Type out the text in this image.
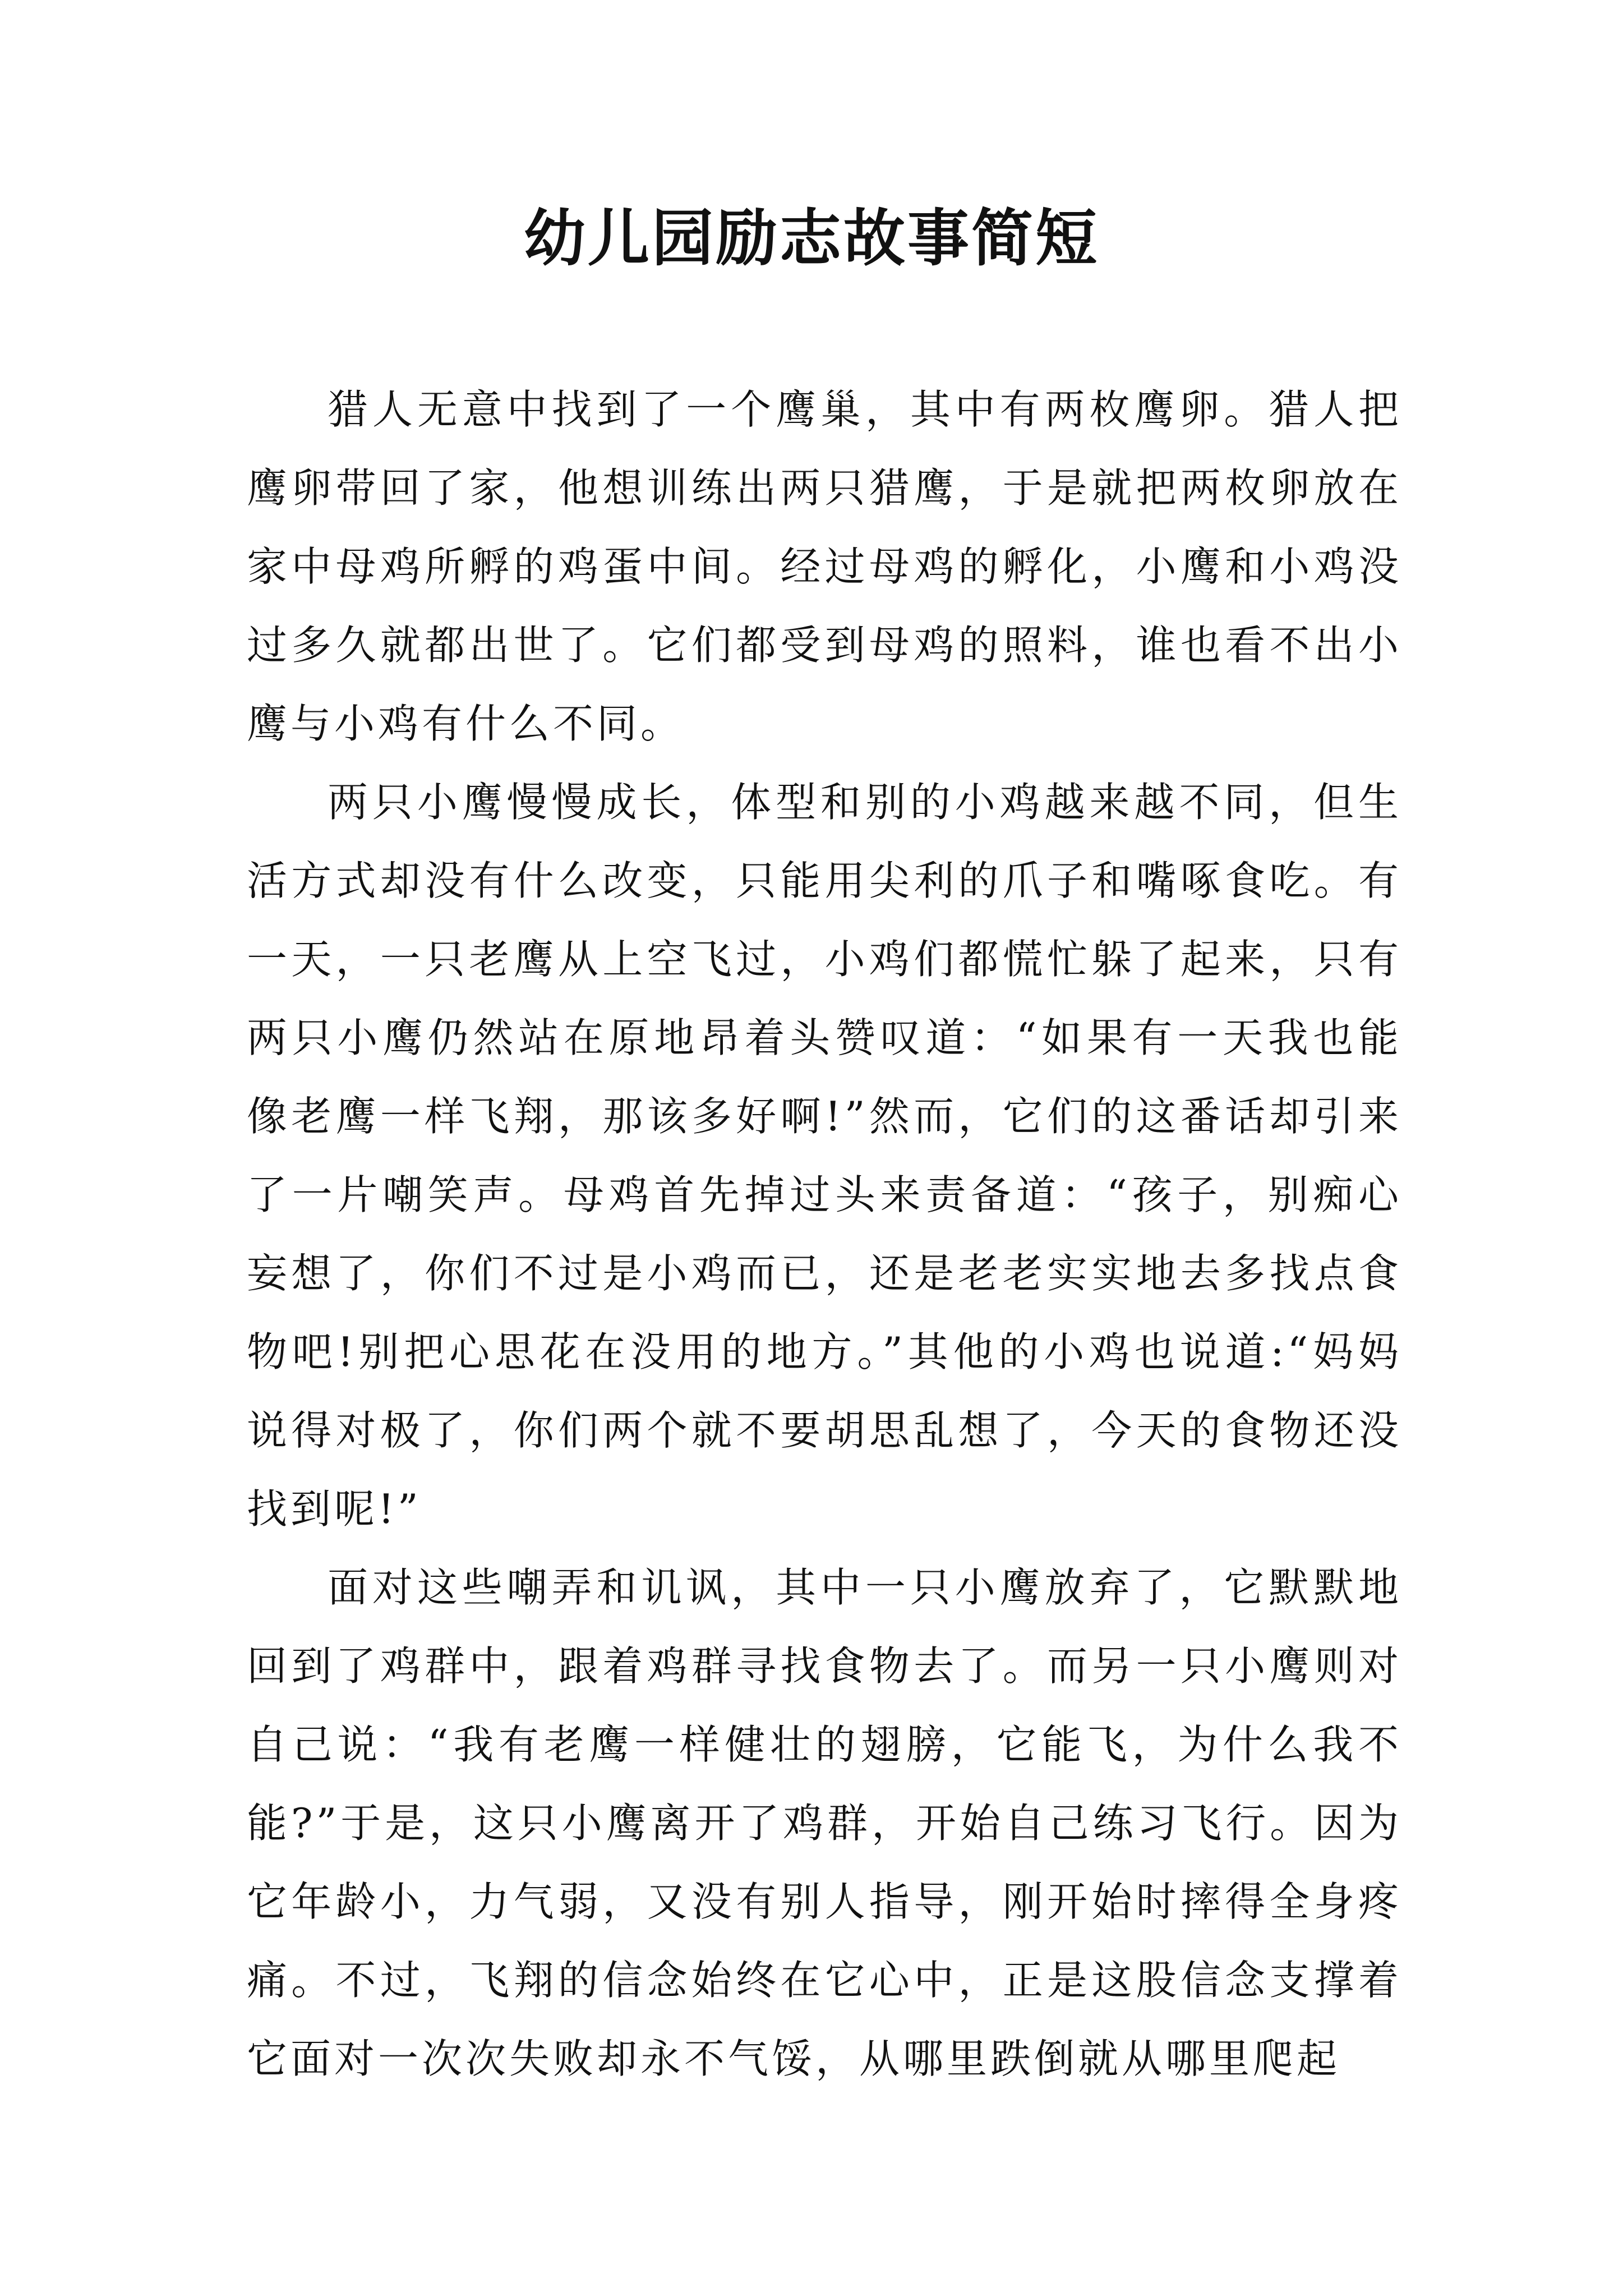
幼儿园励志故事简短

猎人无意中找到了一个鹰巢，其中有两枚鹰卵。猎人把鹰卵带回了家，他想训练出两只猎鹰，于是就把两枚卵放在家中母鸡所孵的鸡蛋中间。经过母鸡的孵化，小鹰和小鸡没过多久就都出世了。它们都受到母鸡的照料，谁也看不出小鹰与小鸡有什么不同。

两只小鹰慢慢成长，体型和别的小鸡越来越不同，但生活方式却没有什么改变，只能用尖利的爪子和嘴啄食吃。有一天，一只老鹰从上空飞过，小鸡们都慌忙躲了起来，只有两只小鹰仍然站在原地昂着头赞叹道：“如果有一天我也能像老鹰一样飞翔，那该多好啊!”然而，它们的这番话却引来了一片嘲笑声。母鸡首先掉过头来责备道：“孩子，别痴心妄想了，你们不过是小鸡而已，还是老老实实地去多找点食物吧!别把心思花在没用的地方。”其他的小鸡也说道:“妈妈说得对极了，你们两个就不要胡思乱想了，今天的食物还没找到呢!”

面对这些嘲弄和讥讽，其中一只小鹰放弃了，它默默地回到了鸡群中，跟着鸡群寻找食物去了。而另一只小鹰则对自己说：“我有老鹰一样健壮的翅膀，它能飞，为什么我不能?”于是，这只小鹰离开了鸡群，开始自己练习飞行。因为它年龄小，力气弱，又没有别人指导，刚开始时摔得全身疼痛。不过，飞翔的信念始终在它心中，正是这股信念支撑着它面对一次次失败却永不气馁，从哪里跌倒就从哪里爬起
